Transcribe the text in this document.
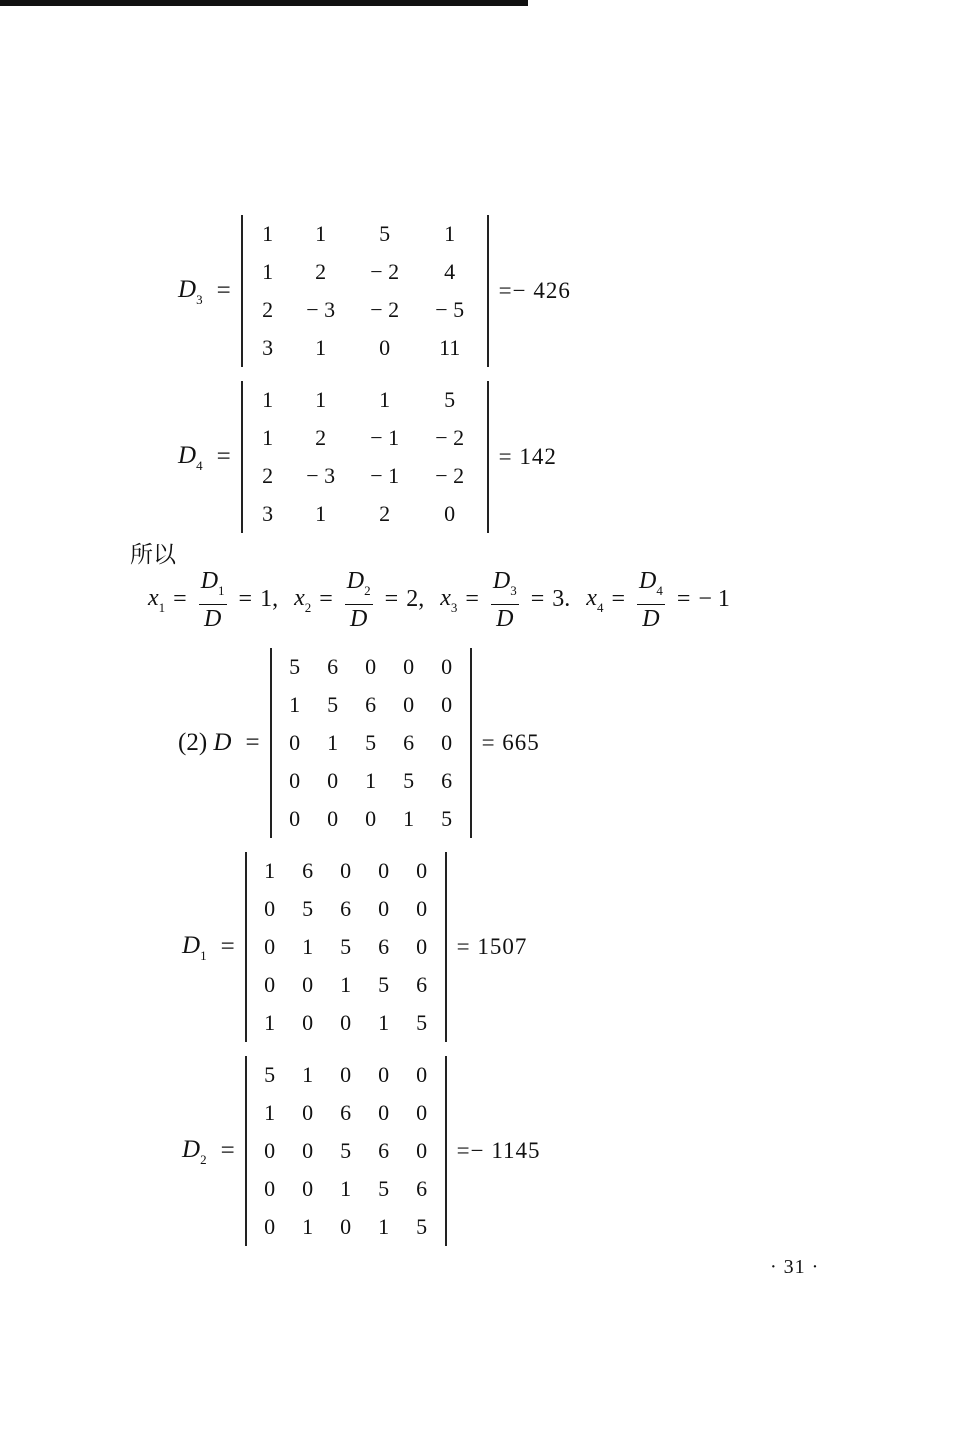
$D_3$ =
1	1	5	1
1	2	− 2	4
2	− 3	− 2	− 5
3	1	0	11
=− 426
$D_4$ =
1	1	1	5
1	2	− 1	− 2
2	− 3	− 1	− 2
3	1	2	0
= 142
所以
$x_1 = \frac{D_1}{D} = 1$ , $x_2 = \frac{D_2}{D} = 2$ , $x_3 = \frac{D_3}{D} = 3$ . $x_4 = \frac{D_4}{D}$ = − 1
(2) D =
5	6	0	0	0
1	5	6	0	0
0	1	5	6	0
0	0	1	5	6
0	0	0	1	5
= 665
$D_1$ =
1	6	0	0	0
0	5	6	0	0
0	1	5	6	0
0	0	1	5	6
1	0	0	1	5
= 1507
$D_2$ =
5	1	0	0	0
1	0	6	0	0
0	0	5	6	0
0	0	1	5	6
0	1	0	1	5
=− 1145
· 31 ·
